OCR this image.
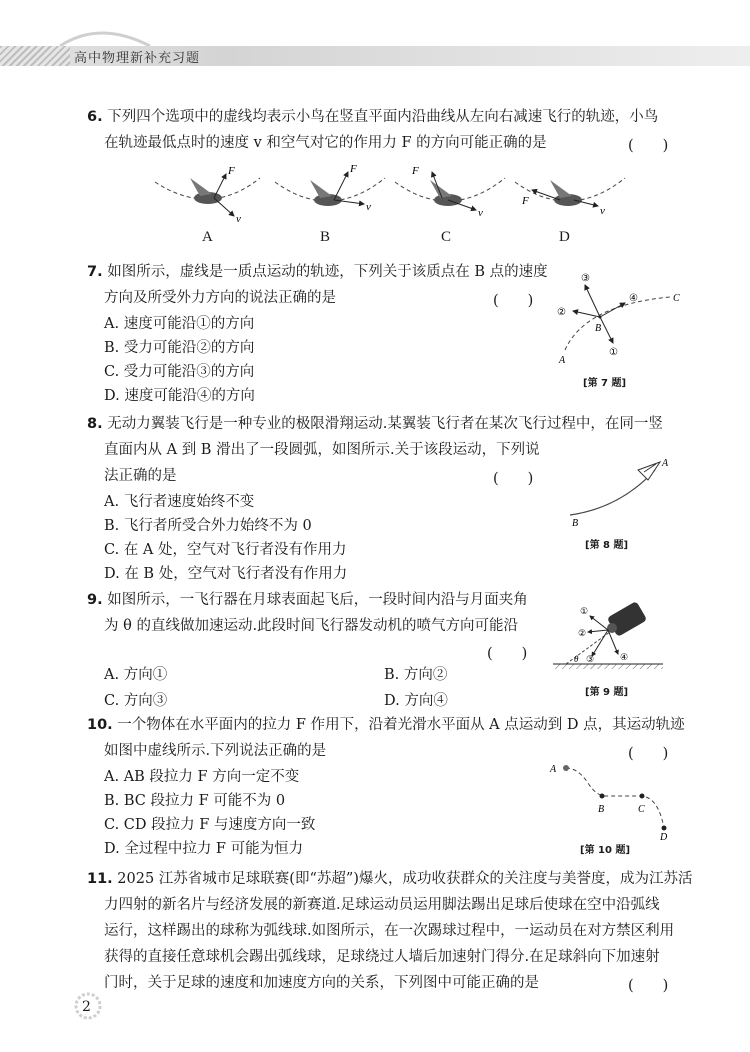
高中物理新补充习题
6. 下列四个选项中的虚线均表示小鸟在竖直平面内沿曲线从左向右减速飞行的轨迹，小鸟
在轨迹最低点时的速度 v 和空气对它的作用力 F 的方向可能正确的是	(　　)
F
v
F
v
F
v
F
v
A	B	C	D
7. 如图所示，虚线是一质点运动的轨迹，下列关于该质点在 B 点的速度
方向及所受外力方向的说法正确的是	(　　)
A. 速度可能沿①的方向
B. 受力可能沿②的方向
C. 受力可能沿③的方向
D. 速度可能沿④的方向
③
②
④
①
B
A
C
[第 7 题]
8. 无动力翼装飞行是一种专业的极限滑翔运动.某翼装飞行者在某次飞行过程中，在同一竖
直面内从 A 到 B 滑出了一段圆弧，如图所示.关于该段运动，下列说
法正确的是	(　　)
A. 飞行者速度始终不变
B. 飞行者所受合外力始终不为 0
C. 在 A 处，空气对飞行者没有作用力
D. 在 B 处，空气对飞行者没有作用力
A
B
[第 8 题]
9. 如图所示，一飞行器在月球表面起飞后，一段时间内沿与月面夹角
为 θ 的直线做加速运动.此段时间飞行器发动机的喷气方向可能沿
(　　)
A. 方向①	B. 方向②
C. 方向③	D. 方向④
①
②
③	④
θ
[第 9 题]
10. 一个物体在水平面内的拉力 F 作用下，沿着光滑水平面从 A 点运动到 D 点，其运动轨迹
如图中虚线所示.下列说法正确的是	(　　)
A. AB 段拉力 F 方向一定不变
B. BC 段拉力 F 可能不为 0
C. CD 段拉力 F 与速度方向一致
D. 全过程中拉力 F 可能为恒力
A
B	C
D
[第 10 题]
11. 2025 江苏省城市足球联赛(即“苏超”)爆火，成功收获群众的关注度与美誉度，成为江苏活
力四射的新名片与经济发展的新赛道.足球运动员运用脚法踢出足球后使球在空中沿弧线
运行，这样踢出的球称为弧线球.如图所示，在一次踢球过程中，一运动员在对方禁区利用
获得的直接任意球机会踢出弧线球，足球绕过人墙后加速射门得分.在足球斜向下加速射
门时，关于足球的速度和加速度方向的关系，下列图中可能正确的是	(　　)
2
